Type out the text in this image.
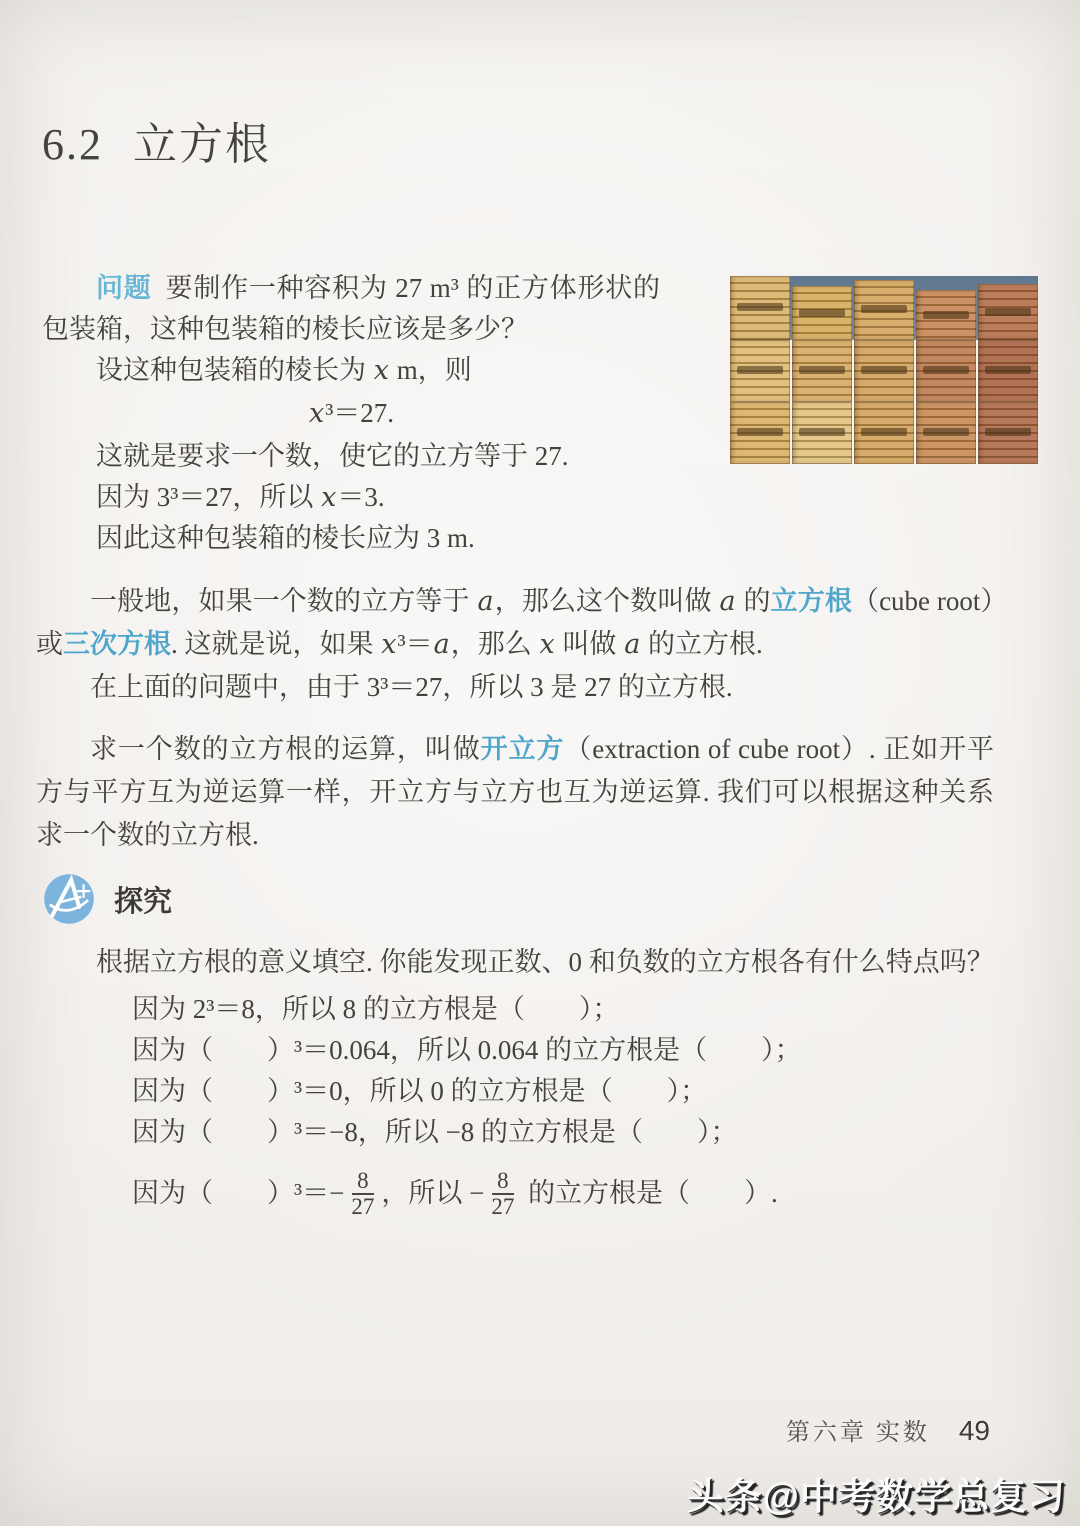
6.2 立方根

问题 要制作一种容积为 27 m³ 的正方体形状的包装箱，这种包装箱的棱长应该是多少？

设这种包装箱的棱长为 x m，则

x³＝27.

这就是要求一个数，使它的立方等于 27.

因为 3³＝27，所以 x＝3.

因此这种包装箱的棱长应为 3 m.

一般地，如果一个数的立方等于 a，那么这个数叫做 a 的立方根（cube root）或三次方根. 这就是说，如果 x³＝a，那么 x 叫做 a 的立方根.

在上面的问题中，由于 3³＝27，所以 3 是 27 的立方根.

求一个数的立方根的运算，叫做开立方（extraction of cube root）. 正如开平方与平方互为逆运算一样，开立方与立方也互为逆运算. 我们可以根据这种关系求一个数的立方根.

探究

根据立方根的意义填空. 你能发现正数、0 和负数的立方根各有什么特点吗？

因为 2³＝8，所以 8 的立方根是（　　）；

因为（　　）³＝0.064，所以 0.064 的立方根是（　　）；

因为（　　）³＝0，所以 0 的立方根是（　　）；

因为（　　）³＝−8，所以 −8 的立方根是（　　）；

因为（　　）$^3=- \frac{8}{27}$ ，所以 − $\frac{8}{27}$ 的立方根是（　　）.

第六章 实数 49
头条@中考数学总复习
